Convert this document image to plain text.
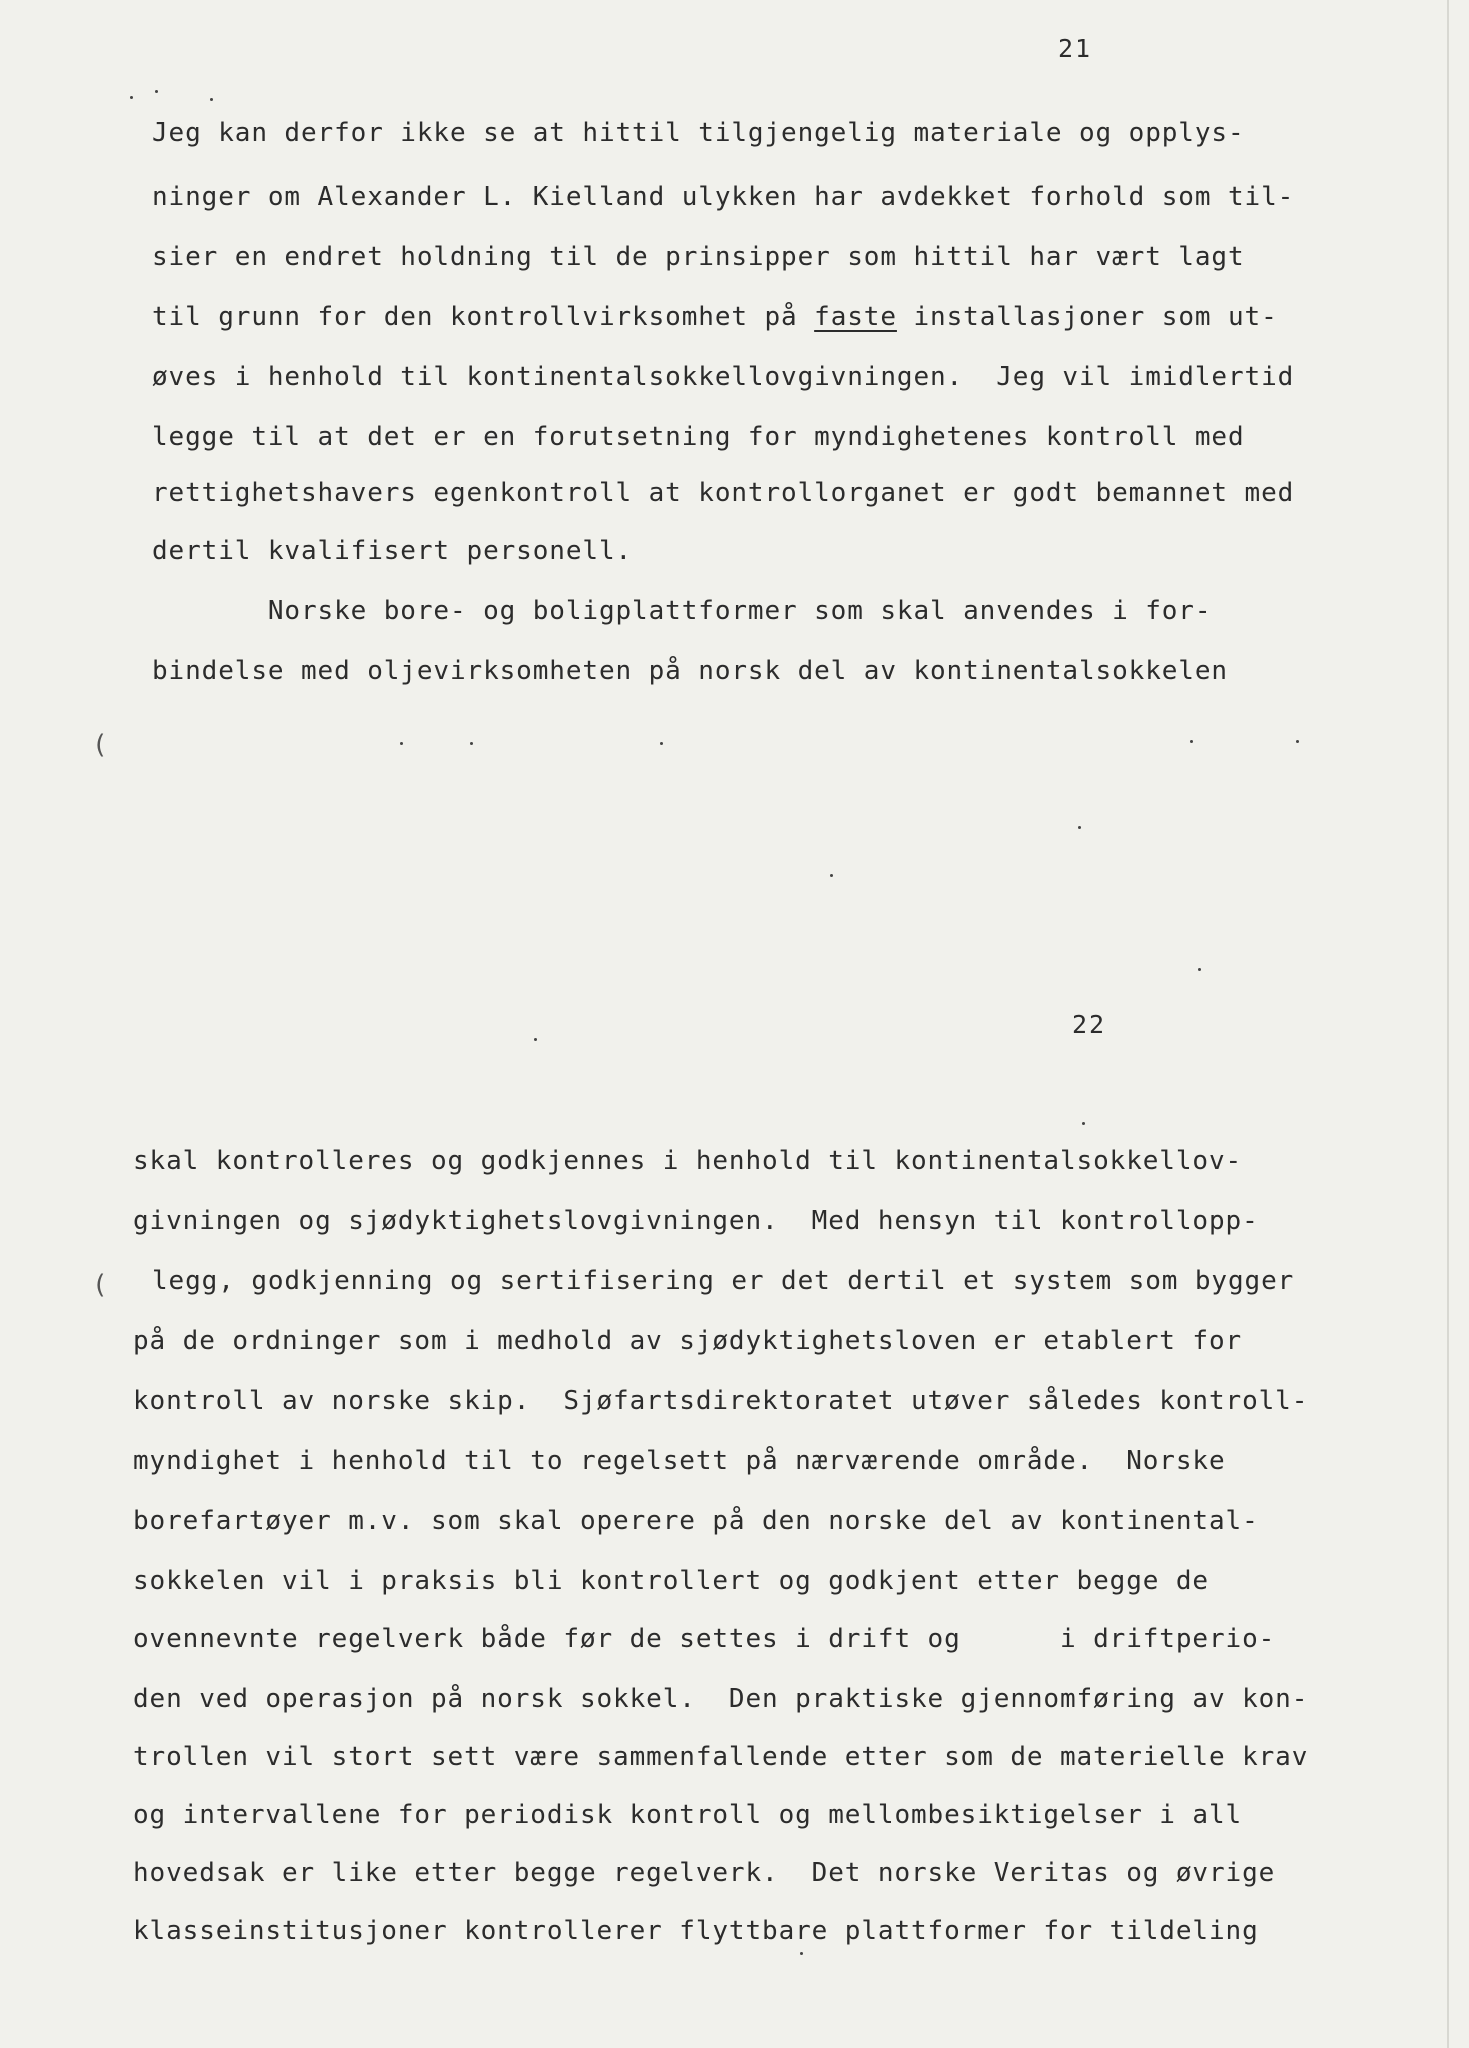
21
Jeg kan derfor ikke se at hittil tilgjengelig materiale og opplys-
ninger om Alexander L. Kielland ulykken har avdekket forhold som til-
sier en endret holdning til de prinsipper som hittil har vært lagt
til grunn for den kontrollvirksomhet på faste installasjoner som ut-
øves i henhold til kontinentalsokkellovgivningen.  Jeg vil imidlertid
legge til at det er en forutsetning for myndighetenes kontroll med
rettighetshavers egenkontroll at kontrollorganet er godt bemannet med
dertil kvalifisert personell.
Norske bore- og boligplattformer som skal anvendes i for-
bindelse med oljevirksomheten på norsk del av kontinentalsokkelen
(
22
(
skal kontrolleres og godkjennes i henhold til kontinentalsokkellov-
givningen og sjødyktighetslovgivningen.  Med hensyn til kontrollopp-
legg, godkjenning og sertifisering er det dertil et system som bygger
på de ordninger som i medhold av sjødyktighetsloven er etablert for
kontroll av norske skip.  Sjøfartsdirektoratet utøver således kontroll-
myndighet i henhold til to regelsett på nærværende område.  Norske
borefartøyer m.v. som skal operere på den norske del av kontinental-
sokkelen vil i praksis bli kontrollert og godkjent etter begge de
ovennevnte regelverk både før de settes i drift og      i driftperio-
den ved operasjon på norsk sokkel.  Den praktiske gjennomføring av kon-
trollen vil stort sett være sammenfallende etter som de materielle krav
og intervallene for periodisk kontroll og mellombesiktigelser i all
hovedsak er like etter begge regelverk.  Det norske Veritas og øvrige
klasseinstitusjoner kontrollerer flyttbare plattformer for tildeling
